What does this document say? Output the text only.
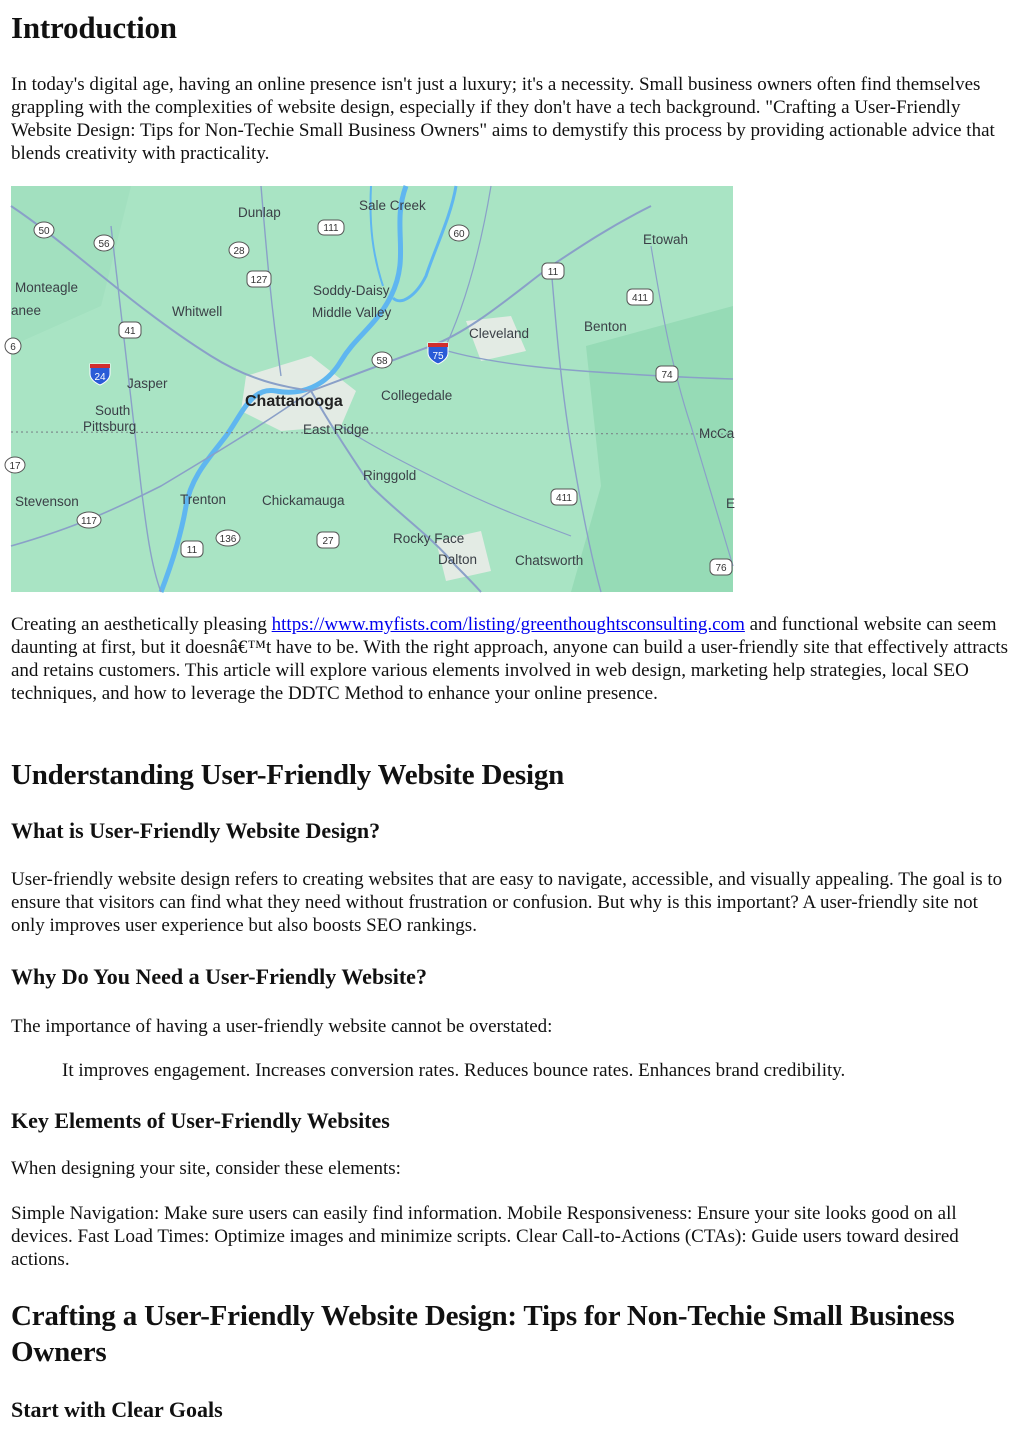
Introduction

In today's digital age, having an online presence isn't just a luxury; it's a necessity. Small business owners often find themselves grappling with the complexities of website design, especially if they don't have a tech background. "Crafting a User-Friendly Website Design: Tips for Non-Techie Small Business Owners" aims to demystify this process by providing actionable advice that blends creativity with practicality.

Sale Creek
Dunlap
Etowah
Monteagle
anee	Whitwell
Soddy-Daisy
Middle Valley
Cleveland	Benton
Jasper
South
Pittsburg
Collegedale
East Ridge	McCa
Ringgold
Stevenson	Trenton	Chickamauga
Rocky Face
Dalton	Chatsworth
E
Chattanooga
50
56
111
60
28
11
127
411
41
6
58	75
24	74
17
411
117
136	27
11
76

Creating an aesthetically pleasing https://www.myfists.com/listing/greenthoughtsconsulting.com and functional website can seem daunting at first, but it doesnâ€™t have to be. With the right approach, anyone can build a user-friendly site that effectively attracts and retains customers. This article will explore various elements involved in web design, marketing help strategies, local SEO techniques, and how to leverage the DDTC Method to enhance your online presence.

Understanding User-Friendly Website Design
What is User-Friendly Website Design?

User-friendly website design refers to creating websites that are easy to navigate, accessible, and visually appealing. The goal is to ensure that visitors can find what they need without frustration or confusion. But why is this important? A user-friendly site not only improves user experience but also boosts SEO rankings.

Why Do You Need a User-Friendly Website?

The importance of having a user-friendly website cannot be overstated:

It improves engagement. Increases conversion rates. Reduces bounce rates. Enhances brand credibility.

Key Elements of User-Friendly Websites

When designing your site, consider these elements:

Simple Navigation: Make sure users can easily find information. Mobile Responsiveness: Ensure your site looks good on all devices. Fast Load Times: Optimize images and minimize scripts. Clear Call-to-Actions (CTAs): Guide users toward desired actions.

Crafting a User-Friendly Website Design: Tips for Non-Techie Small Business Owners
Start with Clear Goals
